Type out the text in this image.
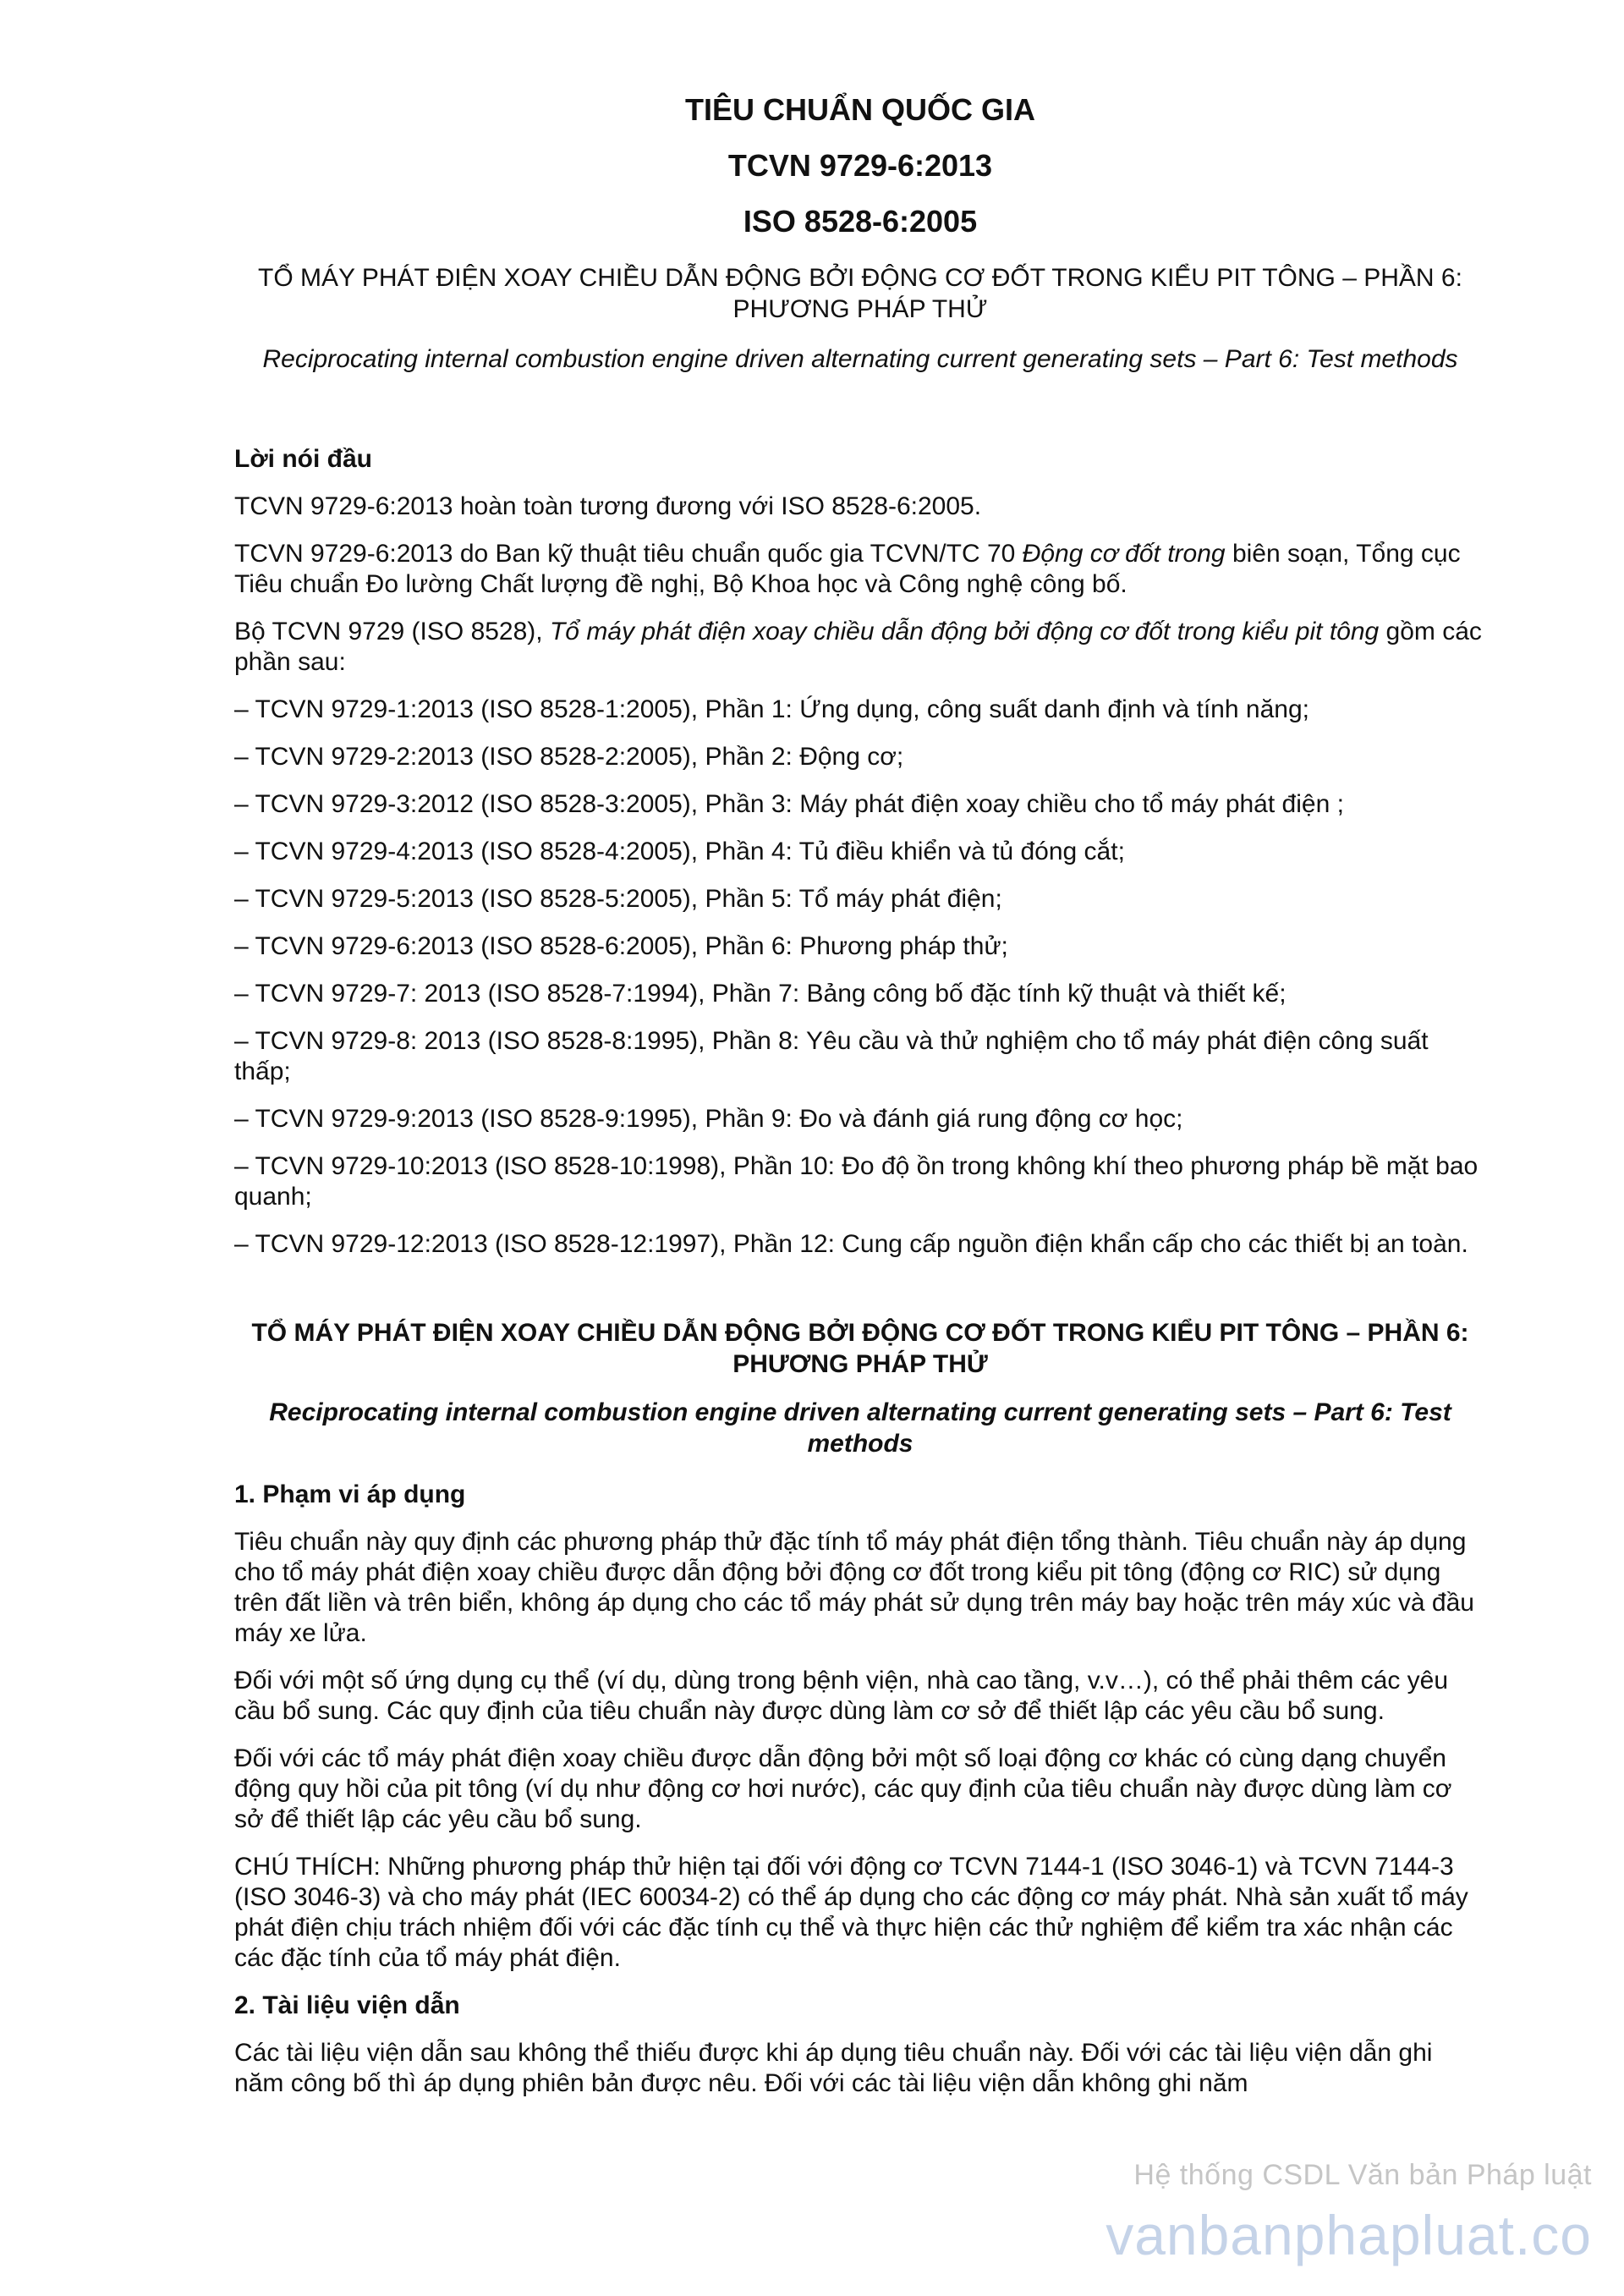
TIÊU CHUẨN QUỐC GIA
TCVN 9729-6:2013
ISO 8528-6:2005
TỔ MÁY PHÁT ĐIỆN XOAY CHIỀU DẪN ĐỘNG BỞI ĐỘNG CƠ ĐỐT TRONG KIỂU PIT TÔNG – PHẦN 6: PHƯƠNG PHÁP THỬ
Reciprocating internal combustion engine driven alternating current generating sets – Part 6: Test methods
Lời nói đầu

TCVN 9729-6:2013 hoàn toàn tương đương với ISO 8528-6:2005.

TCVN 9729-6:2013 do Ban kỹ thuật tiêu chuẩn quốc gia TCVN/TC 70 Động cơ đốt trong biên soạn, Tổng cục Tiêu chuẩn Đo lường Chất lượng đề nghị, Bộ Khoa học và Công nghệ công bố.

Bộ TCVN 9729 (ISO 8528), Tổ máy phát điện xoay chiều dẫn động bởi động cơ đốt trong kiểu pit tông gồm các phần sau:

– TCVN 9729-1:2013 (ISO 8528-1:2005), Phần 1: Ứng dụng, công suất danh định và tính năng;

– TCVN 9729-2:2013 (ISO 8528-2:2005), Phần 2: Động cơ;

– TCVN 9729-3:2012 (ISO 8528-3:2005), Phần 3: Máy phát điện xoay chiều cho tổ máy phát điện ;

– TCVN 9729-4:2013 (ISO 8528-4:2005), Phần 4: Tủ điều khiển và tủ đóng cắt;

– TCVN 9729-5:2013 (ISO 8528-5:2005), Phần 5: Tổ máy phát điện;

– TCVN 9729-6:2013 (ISO 8528-6:2005), Phần 6: Phương pháp thử;

– TCVN 9729-7: 2013 (ISO 8528-7:1994), Phần 7: Bảng công bố đặc tính kỹ thuật và thiết kế;

– TCVN 9729-8: 2013 (ISO 8528-8:1995), Phần 8: Yêu cầu và thử nghiệm cho tổ máy phát điện công suất thấp;

– TCVN 9729-9:2013 (ISO 8528-9:1995), Phần 9: Đo và đánh giá rung động cơ học;

– TCVN 9729-10:2013 (ISO 8528-10:1998), Phần 10: Đo độ ồn trong không khí theo phương pháp bề mặt bao quanh;

– TCVN 9729-12:2013 (ISO 8528-12:1997), Phần 12: Cung cấp nguồn điện khẩn cấp cho các thiết bị an toàn.

TỔ MÁY PHÁT ĐIỆN XOAY CHIỀU DẪN ĐỘNG BỞI ĐỘNG CƠ ĐỐT TRONG KIỂU PIT TÔNG – PHẦN 6: PHƯƠNG PHÁP THỬ
Reciprocating internal combustion engine driven alternating current generating sets – Part 6: Test methods
1. Phạm vi áp dụng

Tiêu chuẩn này quy định các phương pháp thử đặc tính tổ máy phát điện tổng thành. Tiêu chuẩn này áp dụng cho tổ máy phát điện xoay chiều được dẫn động bởi động cơ đốt trong kiểu pit tông (động cơ RIC) sử dụng trên đất liền và trên biển, không áp dụng cho các tổ máy phát sử dụng trên máy bay hoặc trên máy xúc và đầu máy xe lửa.

Đối với một số ứng dụng cụ thể (ví dụ, dùng trong bệnh viện, nhà cao tầng, v.v…), có thể phải thêm các yêu cầu bổ sung. Các quy định của tiêu chuẩn này được dùng làm cơ sở để thiết lập các yêu cầu bổ sung.

Đối với các tổ máy phát điện xoay chiều được dẫn động bởi một số loại động cơ khác có cùng dạng chuyển động quy hồi của pit tông (ví dụ như động cơ hơi nước), các quy định của tiêu chuẩn này được dùng làm cơ sở để thiết lập các yêu cầu bổ sung.

CHÚ THÍCH: Những phương pháp thử hiện tại đối với động cơ TCVN 7144-1 (ISO 3046-1) và TCVN 7144-3 (ISO 3046-3) và cho máy phát (IEC 60034-2) có thể áp dụng cho các động cơ máy phát. Nhà sản xuất tổ máy phát điện chịu trách nhiệm đối với các đặc tính cụ thể và thực hiện các thử nghiệm để kiểm tra xác nhận các các đặc tính của tổ máy phát điện.

2. Tài liệu viện dẫn

Các tài liệu viện dẫn sau không thể thiếu được khi áp dụng tiêu chuẩn này. Đối với các tài liệu viện dẫn ghi năm công bố thì áp dụng phiên bản được nêu. Đối với các tài liệu viện dẫn không ghi năm

Hệ thống CSDL Văn bản Pháp luật
vanbanphapluat.co
